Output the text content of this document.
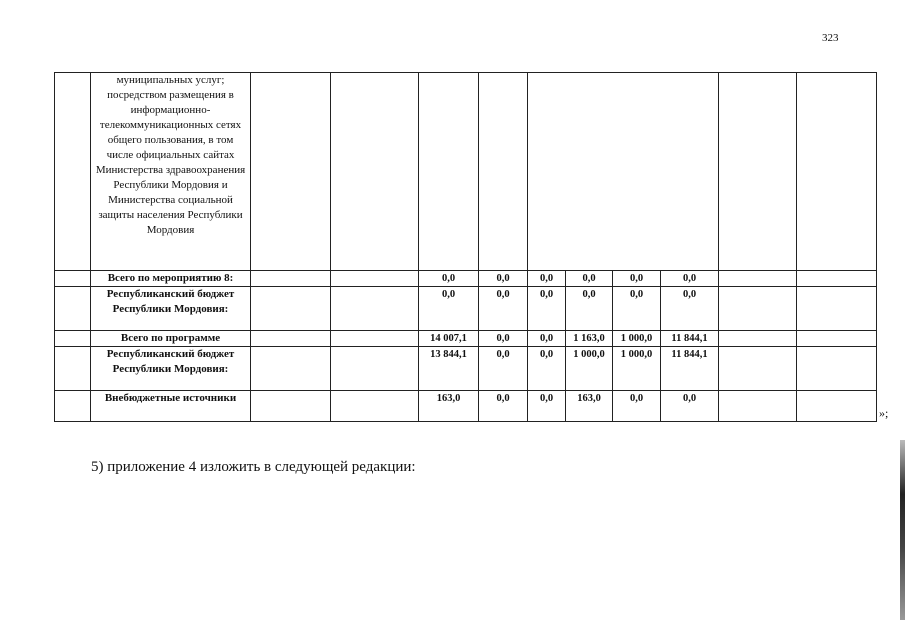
323
	муниципальных услуг; посредством размещения в информационно-телекоммуникационных сетях общего пользования, в том числе официальных сайтах Министерства здравоохранения Республики Мордовия и Министерства социальной защиты населения Республики Мордовия										
	Всего по мероприятию 8:			0,0	0,0	0,0	0,0	0,0	0,0		
	Республиканский бюджет Республики Мордовия:			0,0	0,0	0,0	0,0	0,0	0,0		
	Всего по программе			14 007,1	0,0	0,0	1 163,0	1 000,0	11 844,1		
	Республиканский бюджет Республики Мордовия:			13 844,1	0,0	0,0	1 000,0	1 000,0	11 844,1		
	Внебюджетные источники			163,0	0,0	0,0	163,0	0,0	0,0		
»;
5) приложение 4 изложить в следующей редакции:
